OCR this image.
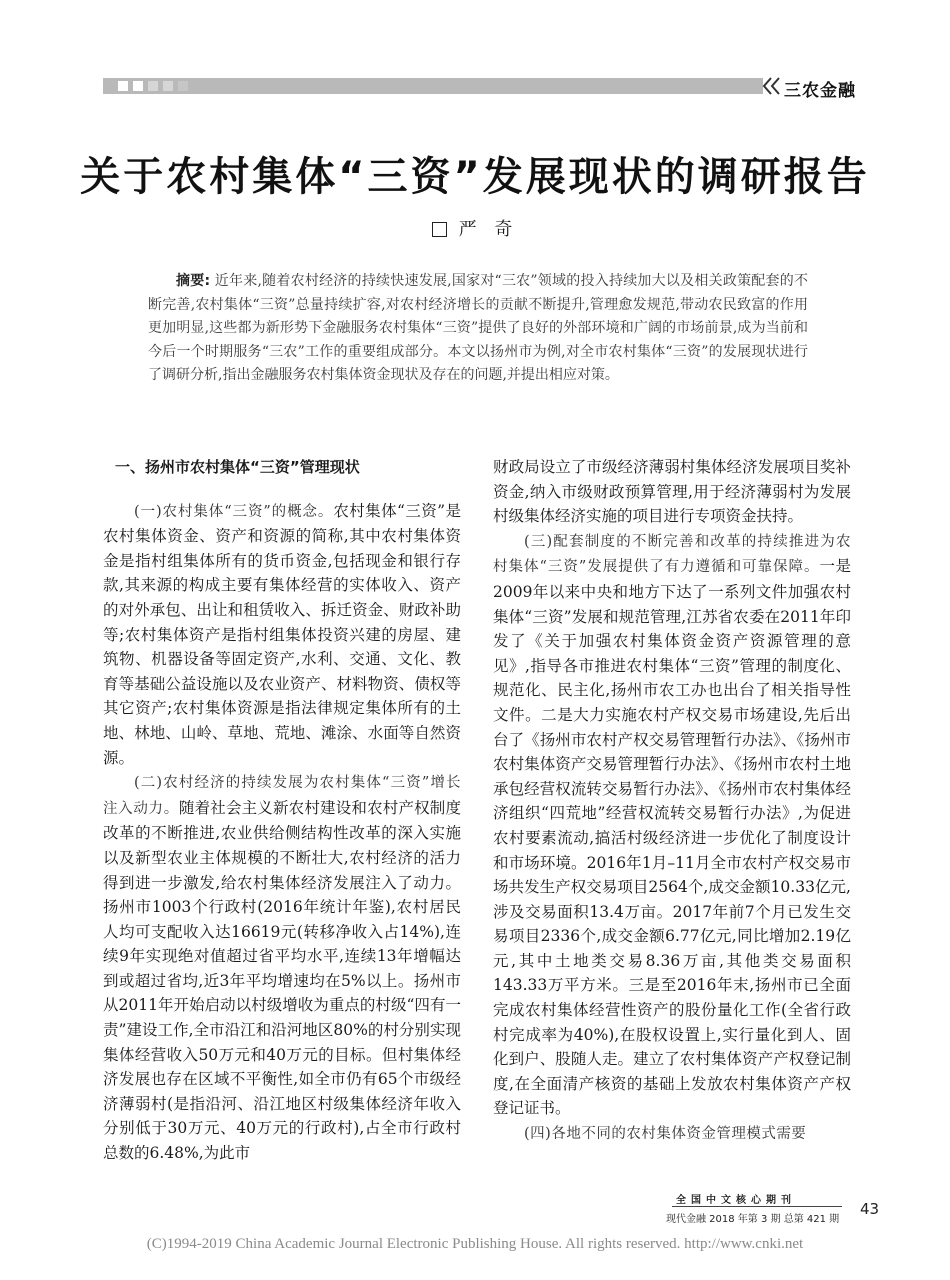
三农金融
关于农村集体“三资”发展现状的调研报告
严 奇

摘要: 近年来,随着农村经济的持续快速发展,国家对“三农”领域的投入持续加大以及相关政策配套的不断完善,农村集体“三资”总量持续扩容,对农村经济增长的贡献不断提升,管理愈发规范,带动农民致富的作用更加明显,这些都为新形势下金融服务农村集体“三资”提供了良好的外部环境和广阔的市场前景,成为当前和今后一个时期服务“三农”工作的重要组成部分。本文以扬州市为例,对全市农村集体“三资”的发展现状进行了调研分析,指出金融服务农村集体资金现状及存在的问题,并提出相应对策。

一、扬州市农村集体“三资”管理现状

(一)农村集体“三资”的概念。农村集体“三资”是农村集体资金、资产和资源的简称,其中农村集体资金是指村组集体所有的货币资金,包括现金和银行存款,其来源的构成主要有集体经营的实体收入、资产的对外承包、出让和租赁收入、拆迁资金、财政补助等;农村集体资产是指村组集体投资兴建的房屋、建筑物、机器设备等固定资产,水利、交通、文化、教育等基础公益设施以及农业资产、材料物资、债权等其它资产;农村集体资源是指法律规定集体所有的土地、林地、山岭、草地、荒地、滩涂、水面等自然资源。

(二)农村经济的持续发展为农村集体“三资”增长注入动力。随着社会主义新农村建设和农村产权制度改革的不断推进,农业供给侧结构性改革的深入实施以及新型农业主体规模的不断壮大,农村经济的活力得到进一步激发,给农村集体经济发展注入了动力。扬州市1003个行政村(2016年统计年鉴),农村居民人均可支配收入达16619元(转移净收入占14%),连续9年实现绝对值超过省平均水平,连续13年增幅达到或超过省均,近3年平均增速均在5%以上。扬州市从2011年开始启动以村级增收为重点的村级“四有一责”建设工作,全市沿江和沿河地区80%的村分别实现集体经营收入50万元和40万元的目标。但村集体经济发展也存在区域不平衡性,如全市仍有65个市级经济薄弱村(是指沿河、沿江地区村级集体经济年收入分别低于30万元、40万元的行政村),占全市行政村总数的6.48%,为此市

财政局设立了市级经济薄弱村集体经济发展项目奖补资金,纳入市级财政预算管理,用于经济薄弱村为发展村级集体经济实施的项目进行专项资金扶持。

(三)配套制度的不断完善和改革的持续推进为农村集体“三资”发展提供了有力遵循和可靠保障。一是2009年以来中央和地方下达了一系列文件加强农村集体“三资”发展和规范管理,江苏省农委在2011年印发了《关于加强农村集体资金资产资源管理的意见》,指导各市推进农村集体“三资”管理的制度化、规范化、民主化,扬州市农工办也出台了相关指导性文件。二是大力实施农村产权交易市场建设,先后出台了《扬州市农村产权交易管理暂行办法》、《扬州市农村集体资产交易管理暂行办法》、《扬州市农村土地承包经营权流转交易暂行办法》、《扬州市农村集体经济组织“四荒地”经营权流转交易暂行办法》,为促进农村要素流动,搞活村级经济进一步优化了制度设计和市场环境。2016年1月–11月全市农村产权交易市场共发生产权交易项目2564个,成交金额10.33亿元,涉及交易面积13.4万亩。2017年前7个月已发生交易项目2336个,成交金额6.77亿元,同比增加2.19亿元,其中土地类交易8.36万亩,其他类交易面积143.33万平方米。三是至2016年末,扬州市已全面完成农村集体经营性资产的股份量化工作(全省行政村完成率为40%),在股权设置上,实行量化到人、固化到户、股随人走。建立了农村集体资产产权登记制度,在全面清产核资的基础上发放农村集体资产产权登记证书。

(四)各地不同的农村集体资金管理模式需要

全国中文核心期刊
现代金融 2018 年第 3 期 总第 421 期
43
(C)1994-2019 China Academic Journal Electronic Publishing House. All rights reserved. http://www.cnki.net
